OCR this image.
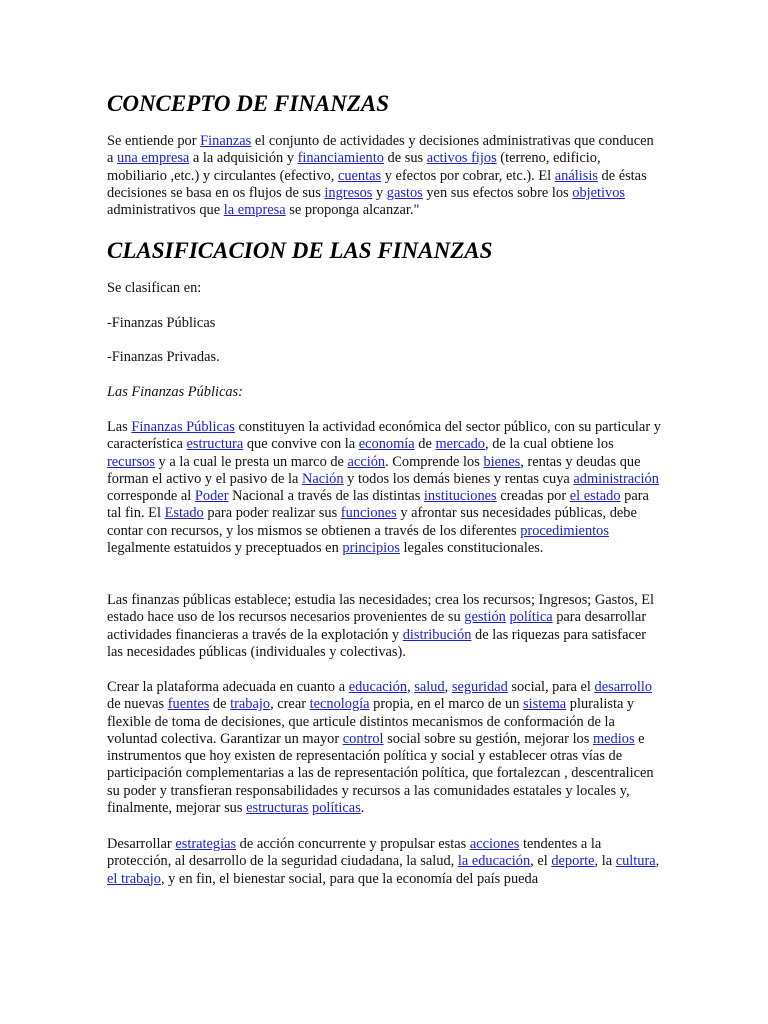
CONCEPTO DE FINANZAS

Se entiende por Finanzas el conjunto de actividades y decisiones administrativas que conducen a una empresa a la adquisición y financiamiento de sus activos fijos (terreno, edificio, mobiliario ,etc.) y circulantes (efectivo, cuentas y efectos por cobrar, etc.). El análisis de éstas decisiones se basa en os flujos de sus ingresos y gastos yen sus efectos sobre los objetivos administrativos que la empresa se proponga alcanzar."

CLASIFICACION DE LAS FINANZAS

Se clasifican en:

-Finanzas Públicas

-Finanzas Privadas.

Las Finanzas Públicas:

Las Finanzas Públicas constituyen la actividad económica del sector público, con su particular y característica estructura que convive con la economía de mercado, de la cual obtiene los recursos y a la cual le presta un marco de acción. Comprende los bienes, rentas y deudas que forman el activo y el pasivo de la Nación y todos los demás bienes y rentas cuya administración corresponde al Poder Nacional a través de las distintas instituciones creadas por el estado para tal fin. El Estado para poder realizar sus funciones y afrontar sus necesidades públicas, debe contar con recursos, y los mismos se obtienen a través de los diferentes procedimientos legalmente estatuidos y preceptuados en principios legales constitucionales.

Las finanzas públicas establece; estudia las necesidades; crea los recursos; Ingresos; Gastos, El estado hace uso de los recursos necesarios provenientes de su gestión política para desarrollar actividades financieras a través de la explotación y distribución de las riquezas para satisfacer las necesidades públicas (individuales y colectivas).

Crear la plataforma adecuada en cuanto a educación, salud, seguridad social, para el desarrollo de nuevas fuentes de trabajo, crear tecnología propia, en el marco de un sistema pluralista y flexible de toma de decisiones, que articule distintos mecanismos de conformación de la voluntad colectiva. Garantizar un mayor control social sobre su gestión, mejorar los medios e instrumentos que hoy existen de representación política y social y establecer otras vías de participación complementarias a las de representación política, que fortalezcan , descentralicen su poder y transfieran responsabilidades y recursos a las comunidades estatales y locales y, finalmente, mejorar sus estructuras políticas.

Desarrollar estrategias de acción concurrente y propulsar estas acciones tendentes a la protección, al desarrollo de la seguridad ciudadana, la salud, la educación, el deporte, la cultura, el trabajo, y en fin, el bienestar social, para que la economía del país pueda
